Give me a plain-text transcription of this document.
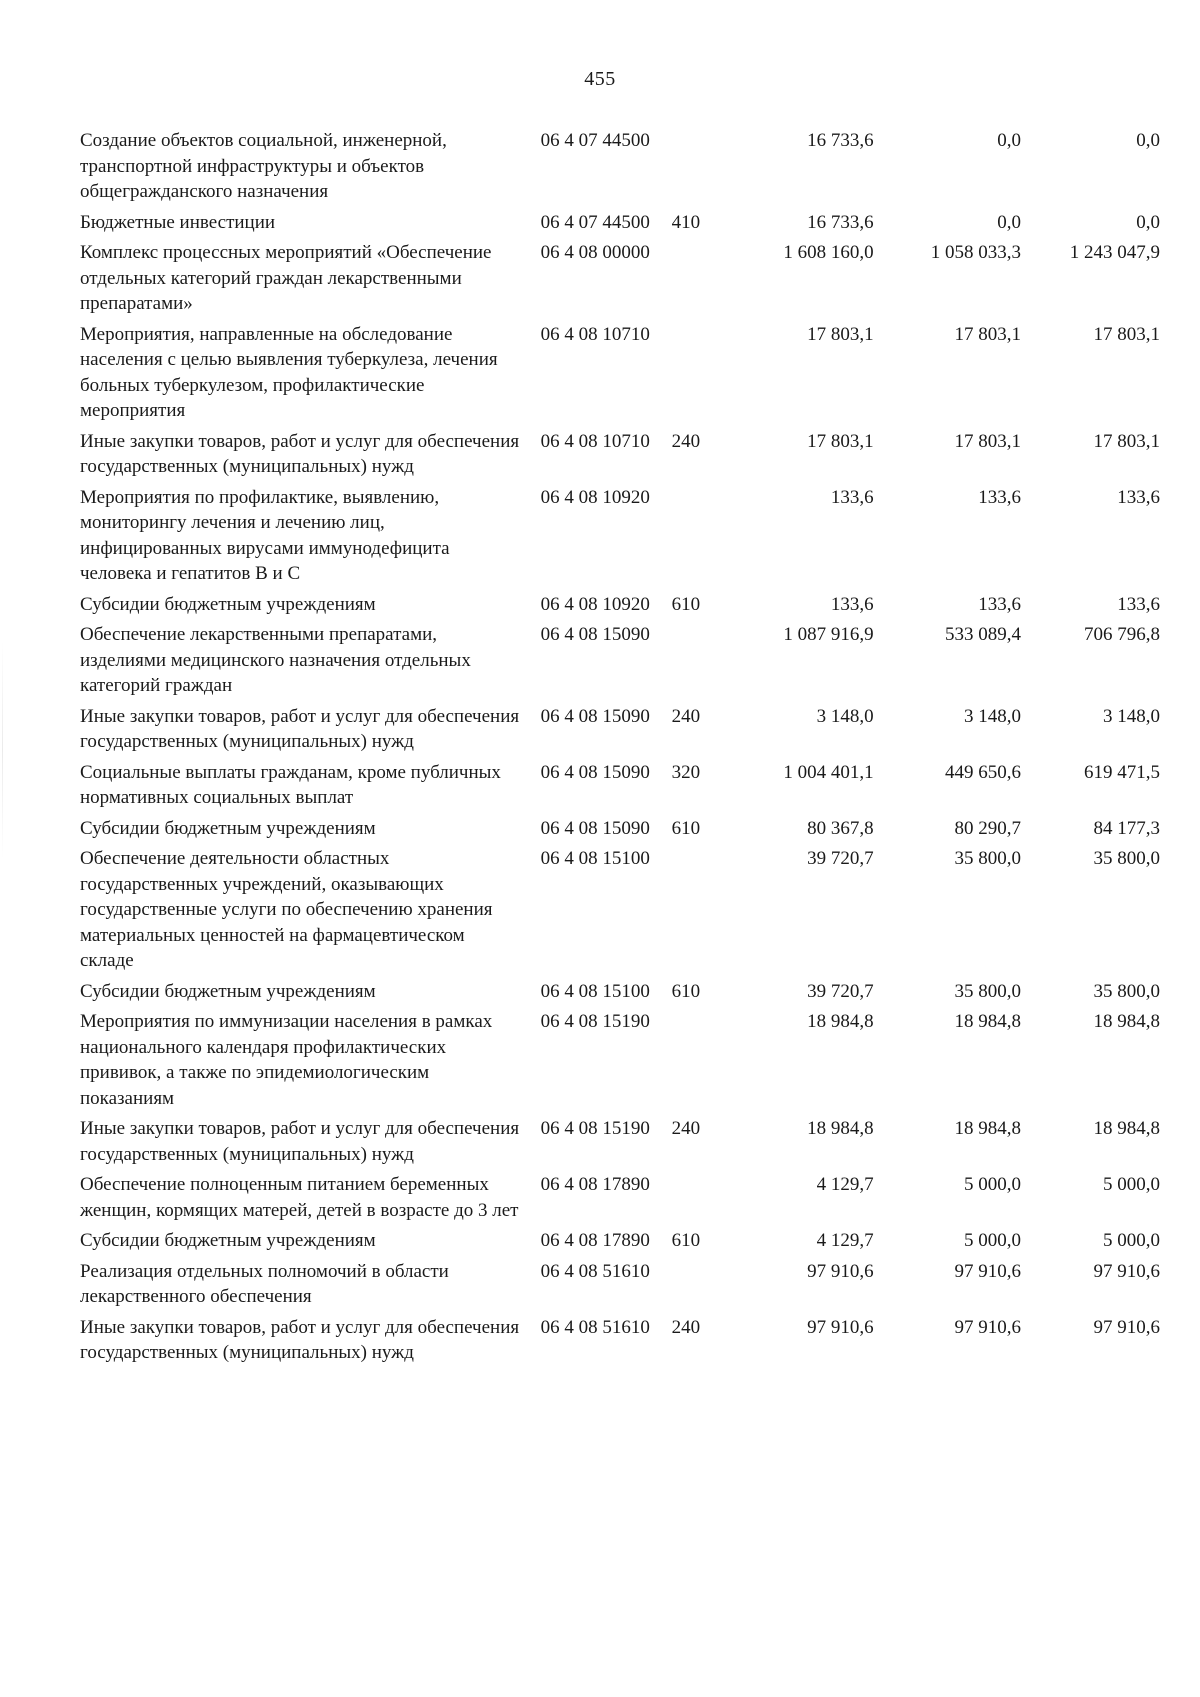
455
Создание объектов социальной, инженерной, транспортной инфраструктуры и объектов общегражданского назначения	06 4 07 44500		16 733,6	0,0	0,0
Бюджетные инвестиции	06 4 07 44500	410	16 733,6	0,0	0,0
Комплекс процессных мероприятий «Обеспечение отдельных категорий граждан лекарственными препаратами»	06 4 08 00000		1 608 160,0	1 058 033,3	1 243 047,9
Мероприятия, направленные на обследование населения с целью выявления туберкулеза, лечения больных туберкулезом, профилактические мероприятия	06 4 08 10710		17 803,1	17 803,1	17 803,1
Иные закупки товаров, работ и услуг для обеспечения государственных (муниципальных) нужд	06 4 08 10710	240	17 803,1	17 803,1	17 803,1
Мероприятия по профилактике, выявлению, мониторингу лечения и лечению лиц, инфицированных вирусами иммунодефицита человека и гепатитов В и С	06 4 08 10920		133,6	133,6	133,6
Субсидии бюджетным учреждениям	06 4 08 10920	610	133,6	133,6	133,6
Обеспечение лекарственными препаратами, изделиями медицинского назначения отдельных категорий граждан	06 4 08 15090		1 087 916,9	533 089,4	706 796,8
Иные закупки товаров, работ и услуг для обеспечения государственных (муниципальных) нужд	06 4 08 15090	240	3 148,0	3 148,0	3 148,0
Социальные выплаты гражданам, кроме публичных нормативных социальных выплат	06 4 08 15090	320	1 004 401,1	449 650,6	619 471,5
Субсидии бюджетным учреждениям	06 4 08 15090	610	80 367,8	80 290,7	84 177,3
Обеспечение деятельности областных государственных учреждений, оказывающих государственные услуги по обеспечению хранения материальных ценностей на фармацевтическом складе	06 4 08 15100		39 720,7	35 800,0	35 800,0
Субсидии бюджетным учреждениям	06 4 08 15100	610	39 720,7	35 800,0	35 800,0
Мероприятия по иммунизации населения в рамках национального календаря профилактических прививок, а также по эпидемиологическим показаниям	06 4 08 15190		18 984,8	18 984,8	18 984,8
Иные закупки товаров, работ и услуг для обеспечения государственных (муниципальных) нужд	06 4 08 15190	240	18 984,8	18 984,8	18 984,8
Обеспечение полноценным питанием беременных женщин, кормящих матерей, детей в возрасте до 3 лет	06 4 08 17890		4 129,7	5 000,0	5 000,0
Субсидии бюджетным учреждениям	06 4 08 17890	610	4 129,7	5 000,0	5 000,0
Реализация отдельных полномочий в области лекарственного обеспечения	06 4 08 51610		97 910,6	97 910,6	97 910,6
Иные закупки товаров, работ и услуг для обеспечения государственных (муниципальных) нужд	06 4 08 51610	240	97 910,6	97 910,6	97 910,6
